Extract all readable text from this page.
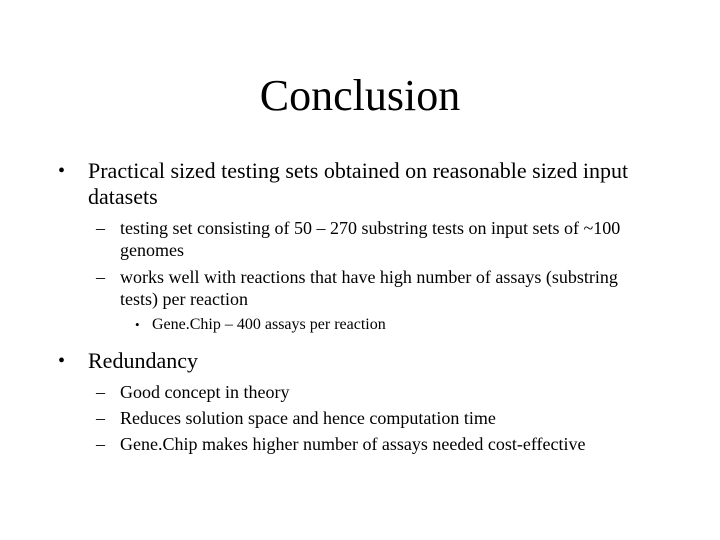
Conclusion
• Practical sized testing sets obtained on reasonable sized input datasets
– testing set consisting of 50 – 270 substring tests on input sets of ~100 genomes
– works well with reactions that have high number of assays (substring tests) per reaction
• Gene.Chip – 400 assays per reaction
• Redundancy
– Good concept in theory
– Reduces solution space and hence computation time
– Gene.Chip makes higher number of assays needed cost-effective
